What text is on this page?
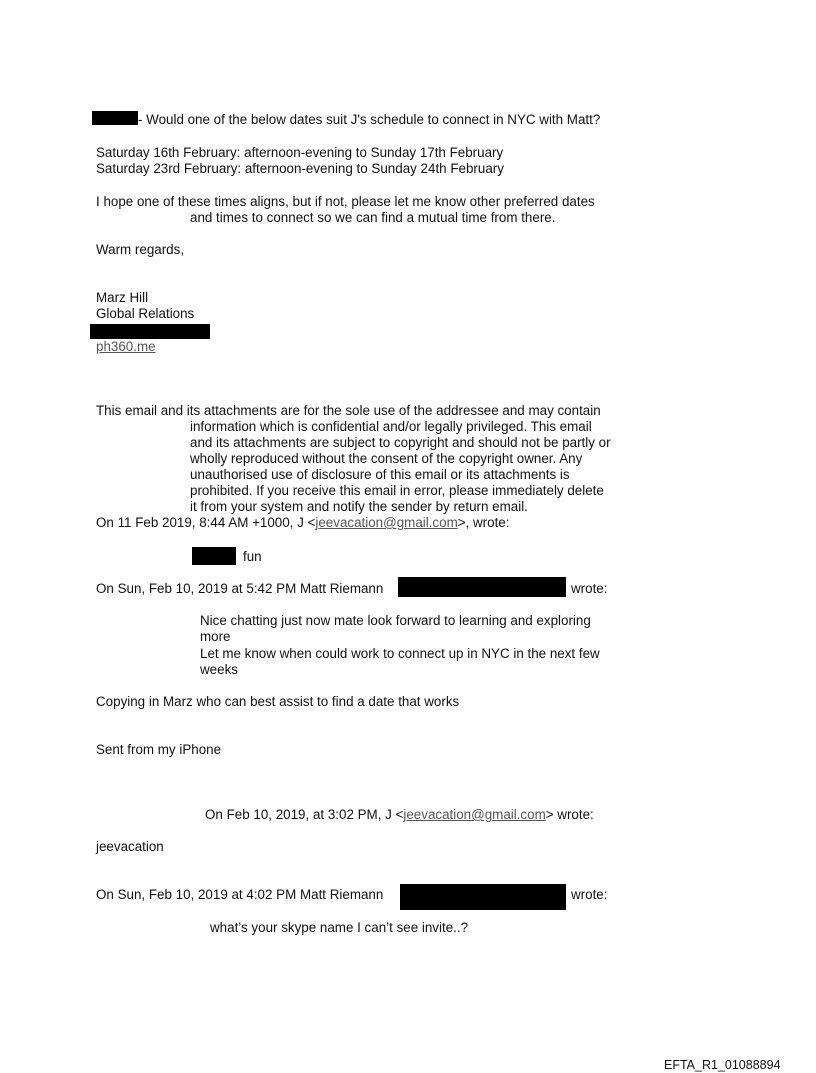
- Would one of the below dates suit J's schedule to connect in NYC with Matt?
Saturday 16th February: afternoon-evening to Sunday 17th February
Saturday 23rd February: afternoon-evening to Sunday 24th February
I hope one of these times aligns, but if not, please let me know other preferred dates
and times to connect so we can find a mutual time from there.
Warm regards,
Marz Hill
Global Relations
ph360.me
This email and its attachments are for the sole use of the addressee and may contain
information which is confidential and/or legally privileged. This email
and its attachments are subject to copyright and should not be partly or
wholly reproduced without the consent of the copyright owner. Any
unauthorised use of disclosure of this email or its attachments is
prohibited. If you receive this email in error, please immediately delete
it from your system and notify the sender by return email.
On 11 Feb 2019, 8:44 AM +1000, J <jeevacation@gmail.com>, wrote:
fun
On Sun, Feb 10, 2019 at 5:42 PM Matt Riemann	wrote:
Nice chatting just now mate look forward to learning and exploring
more
Let me know when could work to connect up in NYC in the next few
weeks
Copying in Marz who can best assist to find a date that works
Sent from my iPhone
On Feb 10, 2019, at 3:02 PM, J <jeevacation@gmail.com> wrote:
jeevacation
On Sun, Feb 10, 2019 at 4:02 PM Matt Riemann	wrote:
what’s your skype name I can’t see invite..?
EFTA_R1_01088894
